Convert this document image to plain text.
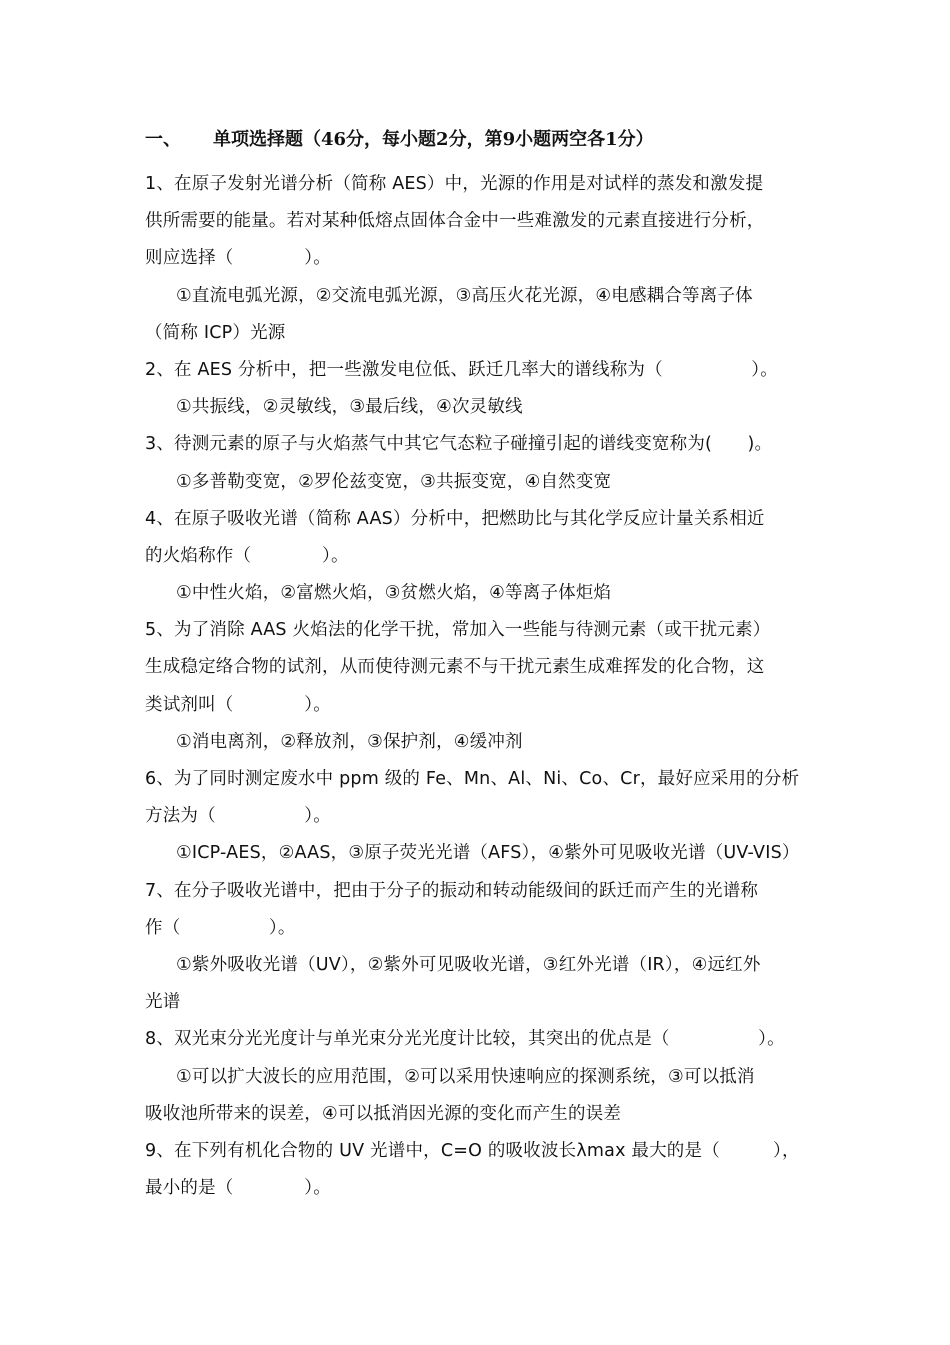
一、	单项选择题（46分，每小题2分，第9小题两空各1分）
1、在原子发射光谱分析（简称 AES）中，光源的作用是对试样的蒸发和激发提
供所需要的能量。若对某种低熔点固体合金中一些难激发的元素直接进行分析，
则应选择（　　　　）。
①直流电弧光源，②交流电弧光源，③高压火花光源，④电感耦合等离子体
（简称 ICP）光源
2、在 AES 分析中，把一些激发电位低、跃迁几率大的谱线称为（　　　　　）。
①共振线，②灵敏线，③最后线，④次灵敏线
3、待测元素的原子与火焰蒸气中其它气态粒子碰撞引起的谱线变宽称为(　　)。
①多普勒变宽，②罗伦兹变宽，③共振变宽，④自然变宽
4、在原子吸收光谱（简称 AAS）分析中，把燃助比与其化学反应计量关系相近
的火焰称作（　　　　）。
①中性火焰，②富燃火焰，③贫燃火焰，④等离子体炬焰
5、为了消除 AAS 火焰法的化学干扰，常加入一些能与待测元素（或干扰元素）
生成稳定络合物的试剂，从而使待测元素不与干扰元素生成难挥发的化合物，这
类试剂叫（　　　　）。
①消电离剂，②释放剂，③保护剂，④缓冲剂
6、为了同时测定废水中 ppm 级的 Fe、Mn、Al、Ni、Co、Cr，最好应采用的分析
方法为（　　　　　）。
①ICP-AES，②AAS，③原子荧光光谱（AFS），④紫外可见吸收光谱（UV-VIS）
7、在分子吸收光谱中，把由于分子的振动和转动能级间的跃迁而产生的光谱称
作（　　　　　）。
①紫外吸收光谱（UV），②紫外可见吸收光谱，③红外光谱（IR），④远红外
光谱
8、双光束分光光度计与单光束分光光度计比较，其突出的优点是（　　　　　）。
①可以扩大波长的应用范围，②可以采用快速响应的探测系统，③可以抵消
吸收池所带来的误差，④可以抵消因光源的变化而产生的误差
9、在下列有机化合物的 UV 光谱中，C=O 的吸收波长λmax 最大的是（　　　），
最小的是（　　　　）。
